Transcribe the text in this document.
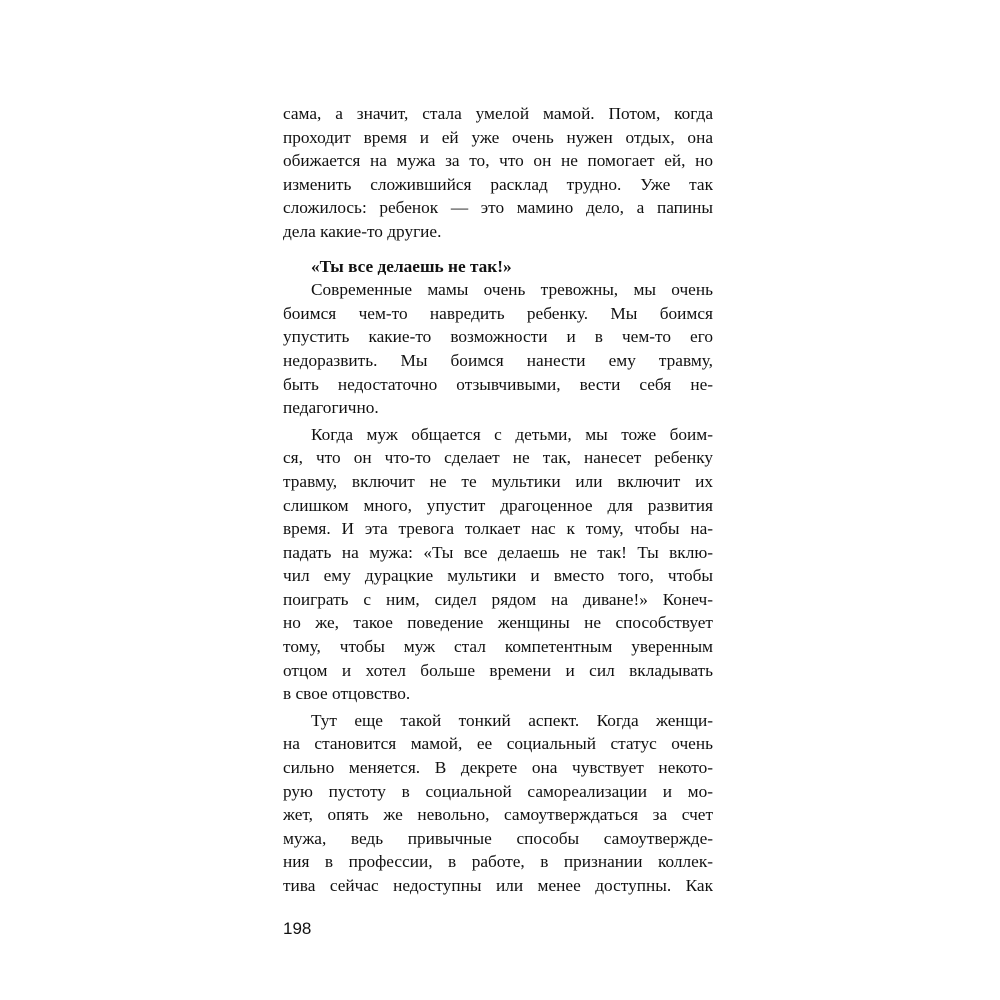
сама, а значит, стала умелой мамой. Потом, когда
проходит время и ей уже очень нужен отдых, она
обижается на мужа за то, что он не помогает ей, но
изменить сложившийся расклад трудно. Уже так
сложилось: ребенок — это мамино дело, а папины
дела какие-то другие.
«Ты все делаешь не так!»
Современные мамы очень тревожны, мы очень
боимся чем-то навредить ребенку. Мы боимся
упустить какие-то возможности и в чем-то его
недоразвить. Мы боимся нанести ему травму,
быть недостаточно отзывчивыми, вести себя не-
педагогично.
Когда муж общается с детьми, мы тоже боим-
ся, что он что-то сделает не так, нанесет ребенку
травму, включит не те мультики или включит их
слишком много, упустит драгоценное для развития
время. И эта тревога толкает нас к тому, чтобы на-
падать на мужа: «Ты все делаешь не так! Ты вклю-
чил ему дурацкие мультики и вместо того, чтобы
поиграть с ним, сидел рядом на диване!» Конеч-
но же, такое поведение женщины не способствует
тому, чтобы муж стал компетентным уверенным
отцом и хотел больше времени и сил вкладывать
в свое отцовство.
Тут еще такой тонкий аспект. Когда женщи-
на становится мамой, ее социальный статус очень
сильно меняется. В декрете она чувствует некото-
рую пустоту в социальной самореализации и мо-
жет, опять же невольно, самоутверждаться за счет
мужа, ведь привычные способы самоутвержде-
ния в профессии, в работе, в признании коллек-
тива сейчас недоступны или менее доступны. Как
198
